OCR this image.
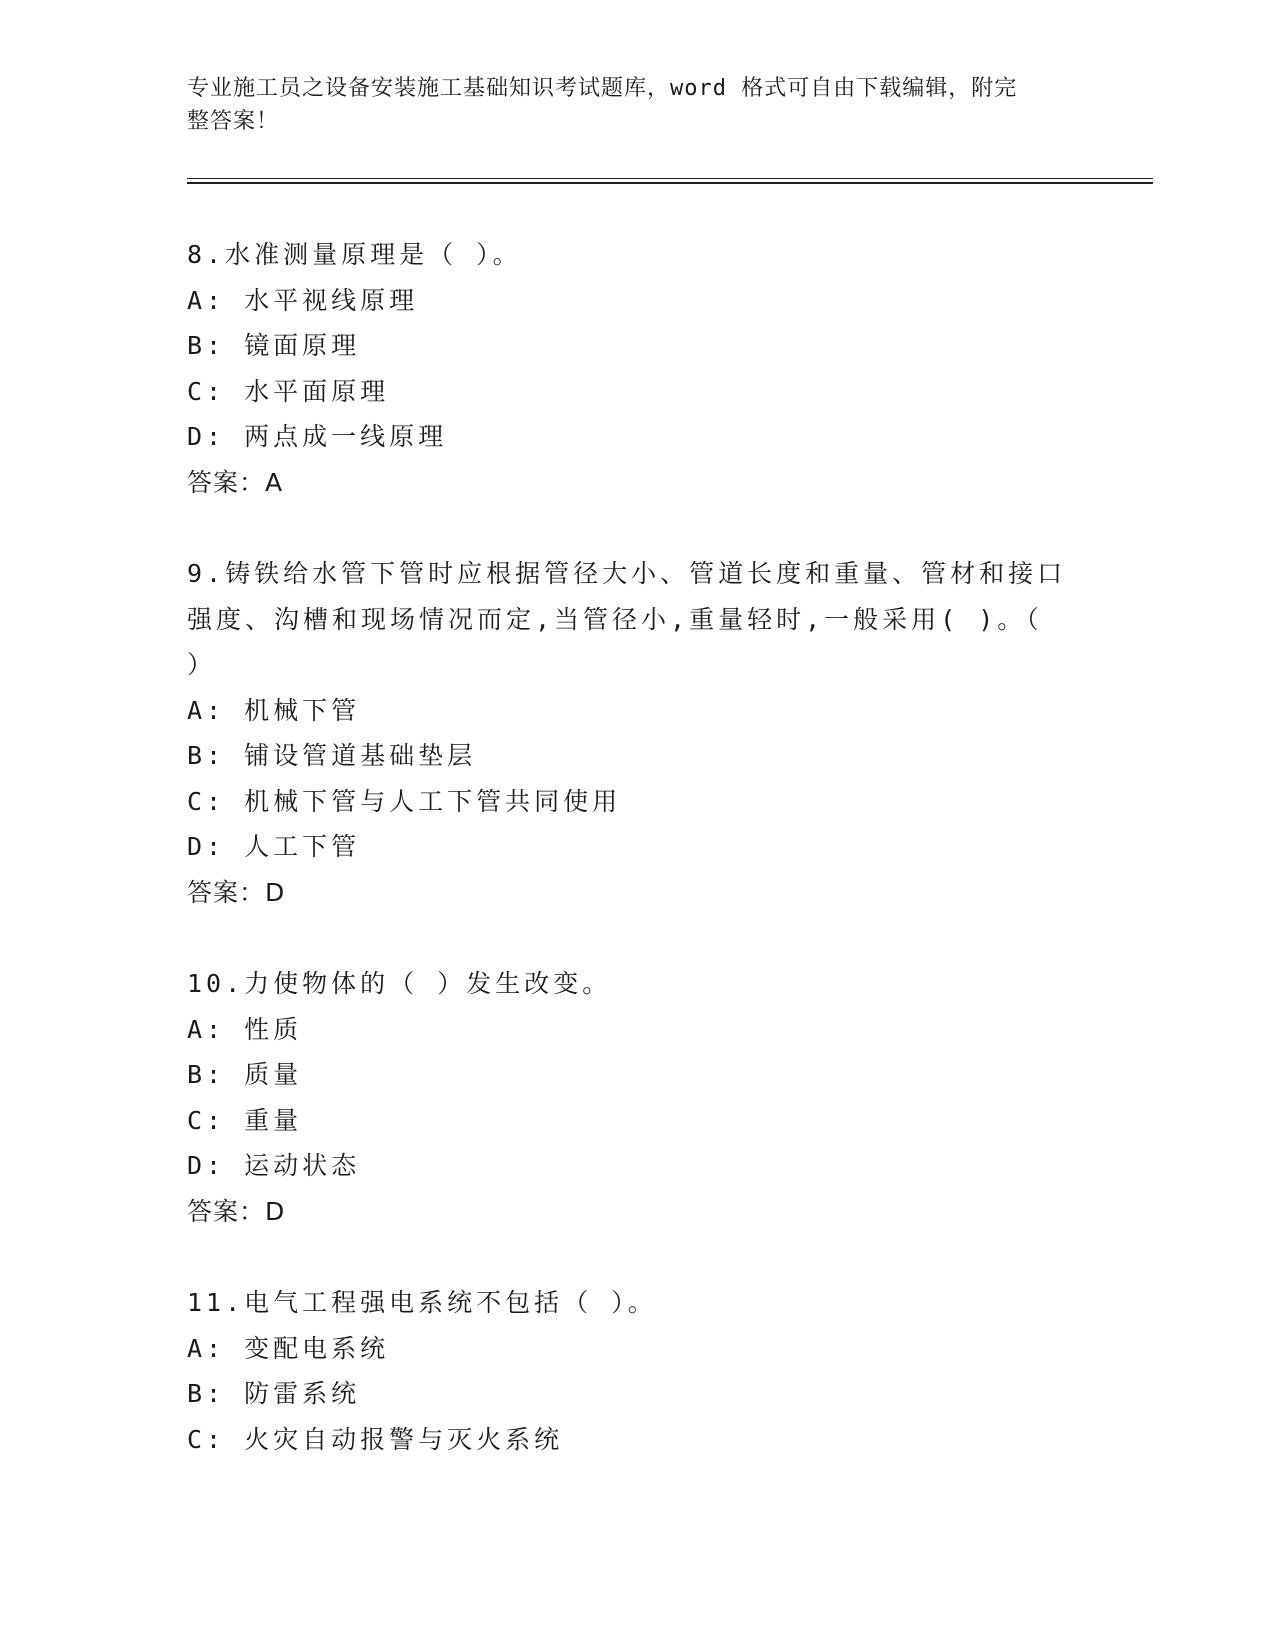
专业施工员之设备安装施工基础知识考试题库，word 格式可自由下载编辑，附完
整答案！
8.水准测量原理是（ ）。
A: 水平视线原理
B: 镜面原理
C: 水平面原理
D: 两点成一线原理
答案：A
9.铸铁给水管下管时应根据管径大小、管道长度和重量、管材和接口
强度、沟槽和现场情况而定,当管径小,重量轻时,一般采用( )。（
）
A: 机械下管
B: 铺设管道基础垫层
C: 机械下管与人工下管共同使用
D: 人工下管
答案：D
10.力使物体的（ ）发生改变。
A: 性质
B: 质量
C: 重量
D: 运动状态
答案：D
11.电气工程强电系统不包括（ ）。
A: 变配电系统
B: 防雷系统
C: 火灾自动报警与灭火系统
